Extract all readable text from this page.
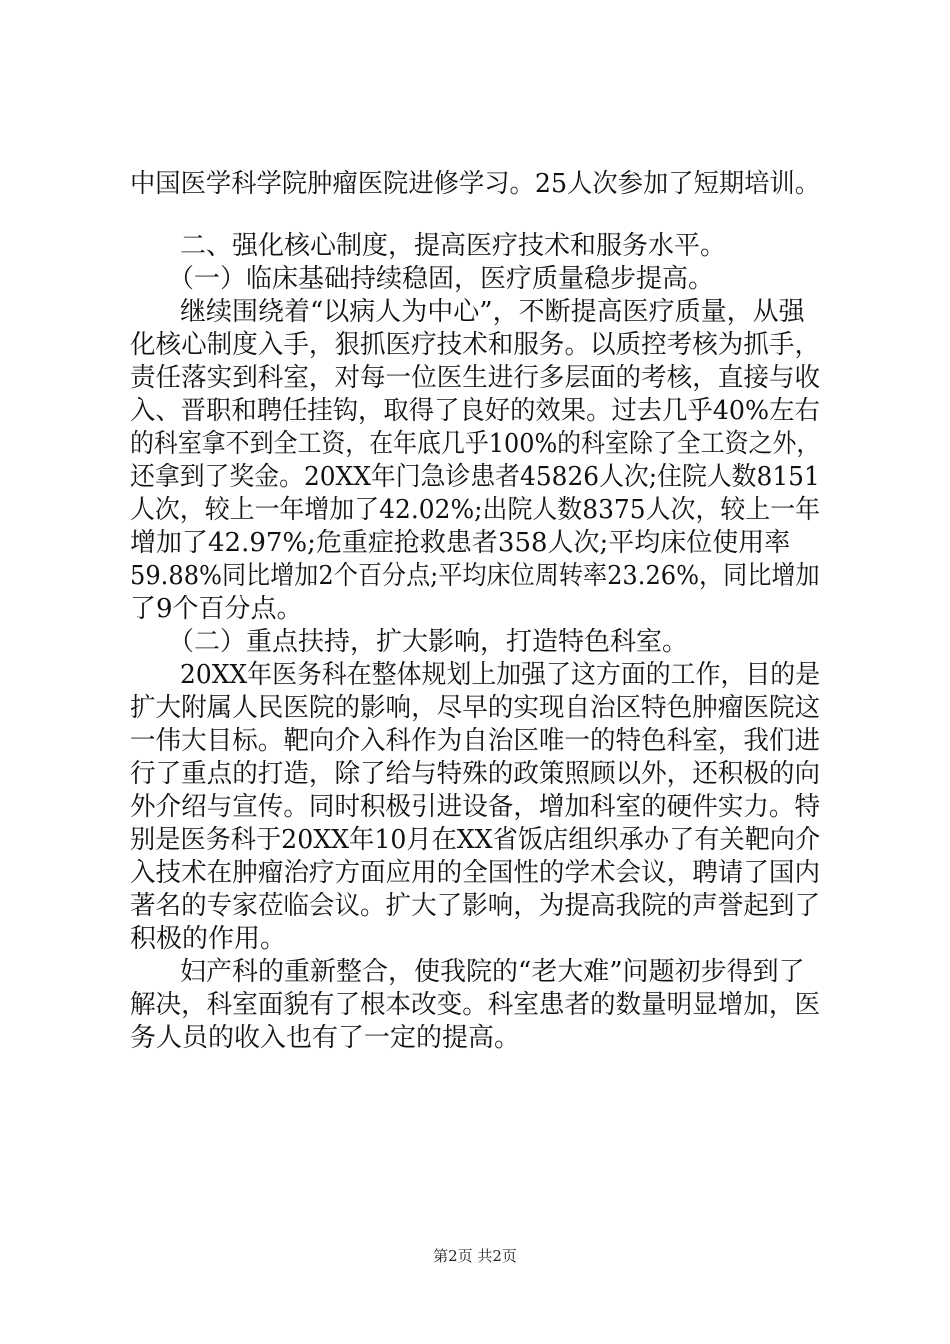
中国医学科学院肿瘤医院进修学习。25人次参加了短期培训。
二、强化核心制度，提高医疗技术和服务水平。
（一）临床基础持续稳固，医疗质量稳步提高。
继续围绕着“以病人为中心”，不断提高医疗质量，从强
化核心制度入手，狠抓医疗技术和服务。以质控考核为抓手，
责任落实到科室，对每一位医生进行多层面的考核，直接与收
入、晋职和聘任挂钩，取得了良好的效果。过去几乎40%左右
的科室拿不到全工资，在年底几乎100%的科室除了全工资之外，
还拿到了奖金。20XX年门急诊患者45826人次;住院人数8151
人次，较上一年增加了42.02%;出院人数8375人次，较上一年
增加了42.97%;危重症抢救患者358人次;平均床位使用率
59.88%同比增加2个百分点;平均床位周转率23.26%，同比增加
了9个百分点。
（二）重点扶持，扩大影响，打造特色科室。
20XX年医务科在整体规划上加强了这方面的工作，目的是
扩大附属人民医院的影响，尽早的实现自治区特色肿瘤医院这
一伟大目标。靶向介入科作为自治区唯一的特色科室，我们进
行了重点的打造，除了给与特殊的政策照顾以外，还积极的向
外介绍与宣传。同时积极引进设备，增加科室的硬件实力。特
别是医务科于20XX年10月在XX省饭店组织承办了有关靶向介
入技术在肿瘤治疗方面应用的全国性的学术会议，聘请了国内
著名的专家莅临会议。扩大了影响，为提高我院的声誉起到了
积极的作用。
妇产科的重新整合，使我院的“老大难”问题初步得到了
解决，科室面貌有了根本改变。科室患者的数量明显增加，医
务人员的收入也有了一定的提高。
第2页 共2页
